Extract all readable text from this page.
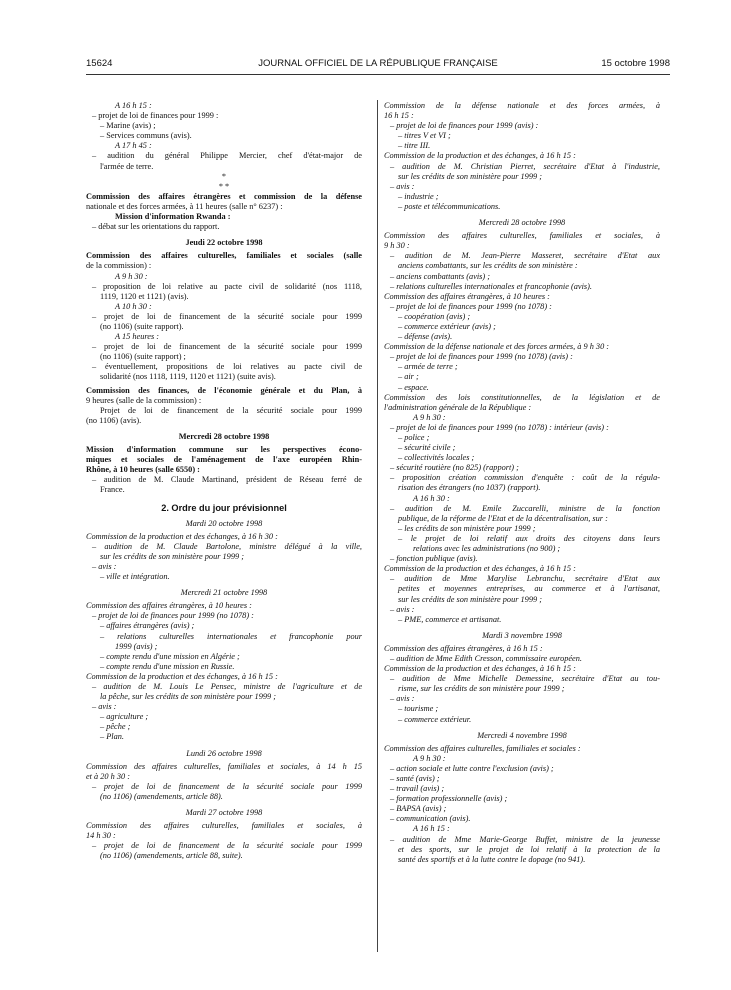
15624	JOURNAL OFFICIEL DE LA RÉPUBLIQUE FRANÇAISE	15 octobre 1998
A 16 h 15 :
– projet de loi de finances pour 1999 :
– Marine (avis) ;
– Services communs (avis).
A 17 h 45 :
– audition du général Philippe Mercier, chef d'état-major de
l'armée de terre.
*
* *
Commission des affaires étrangères et commission de la défense
nationale et des forces armées, à 11 heures (salle n° 6237) :
Mission d'information Rwanda :
– débat sur les orientations du rapport.
Jeudi 22 octobre 1998
Commission des affaires culturelles, familiales et sociales (salle
de la commission) :
A 9 h 30 :
– proposition de loi relative au pacte civil de solidarité (nos 1118,
1119, 1120 et 1121) (avis).
A 10 h 30 :
– projet de loi de financement de la sécurité sociale pour 1999
(no 1106) (suite rapport).
A 15 heures :
– projet de loi de financement de la sécurité sociale pour 1999
(no 1106) (suite rapport) ;
– éventuellement, propositions de loi relatives au pacte civil de
solidarité (nos 1118, 1119, 1120 et 1121) (suite avis).
Commission des finances, de l'économie générale et du Plan, à
9 heures (salle de la commission) :
Projet de loi de financement de la sécurité sociale pour 1999
(no 1106) (avis).
Mercredi 28 octobre 1998
Mission d'information commune sur les perspectives écono-
miques et sociales de l'aménagement de l'axe européen Rhin-
Rhône, à 10 heures (salle 6550) :
– audition de M. Claude Martinand, président de Réseau ferré de
France.
2. Ordre du jour prévisionnel
Mardi 20 octobre 1998
Commission de la production et des échanges, à 16 h 30 :
– audition de M. Claude Bartolone, ministre délégué à la ville,
sur les crédits de son ministère pour 1999 ;
– avis :
– ville et intégration.
Mercredi 21 octobre 1998
Commission des affaires étrangères, à 10 heures :
– projet de loi de finances pour 1999 (no 1078) :
– affaires étrangères (avis) ;
– relations culturelles internationales et francophonie pour
1999 (avis) ;
– compte rendu d'une mission en Algérie ;
– compte rendu d'une mission en Russie.
Commission de la production et des échanges, à 16 h 15 :
– audition de M. Louis Le Pensec, ministre de l'agriculture et de
la pêche, sur les crédits de son ministère pour 1999 ;
– avis :
– agriculture ;
– pêche ;
– Plan.
Lundi 26 octobre 1998
Commission des affaires culturelles, familiales et sociales, à 14 h 15
et à 20 h 30 :
– projet de loi de financement de la sécurité sociale pour 1999
(no 1106) (amendements, article 88).
Mardi 27 octobre 1998
Commission des affaires culturelles, familiales et sociales, à
14 h 30 :
– projet de loi de financement de la sécurité sociale pour 1999
(no 1106) (amendements, article 88, suite).
Commission de la défense nationale et des forces armées, à
16 h 15 :
– projet de loi de finances pour 1999 (avis) :
– titres V et VI ;
– titre III.
Commission de la production et des échanges, à 16 h 15 :
– audition de M. Christian Pierret, secrétaire d'Etat à l'industrie,
sur les crédits de son ministère pour 1999 ;
– avis :
– industrie ;
– poste et télécommunications.
Mercredi 28 octobre 1998
Commission des affaires culturelles, familiales et sociales, à
9 h 30 :
– audition de M. Jean-Pierre Masseret, secrétaire d'Etat aux
anciens combattants, sur les crédits de son ministère :
– anciens combattants (avis) ;
– relations culturelles internationales et francophonie (avis).
Commission des affaires étrangères, à 10 heures :
– projet de loi de finances pour 1999 (no 1078) :
– coopération (avis) ;
– commerce extérieur (avis) ;
– défense (avis).
Commission de la défense nationale et des forces armées, à 9 h 30 :
– projet de loi de finances pour 1999 (no 1078) (avis) :
– armée de terre ;
– air ;
– espace.
Commission des lois constitutionnelles, de la législation et de
l'administration générale de la République :
A 9 h 30 :
– projet de loi de finances pour 1999 (no 1078) : intérieur (avis) :
– police ;
– sécurité civile ;
– collectivités locales ;
– sécurité routière (no 825) (rapport) ;
– proposition création commission d'enquête : coût de la régula-
risation des étrangers (no 1037) (rapport).
A 16 h 30 :
– audition de M. Emile Zuccarelli, ministre de la fonction
publique, de la réforme de l'Etat et de la décentralisation, sur :
– les crédits de son ministère pour 1999 ;
– le projet de loi relatif aux droits des citoyens dans leurs
relations avec les administrations (no 900) ;
– fonction publique (avis).
Commission de la production et des échanges, à 16 h 15 :
– audition de Mme Marylise Lebranchu, secrétaire d'Etat aux
petites et moyennes entreprises, au commerce et à l'artisanat,
sur les crédits de son ministère pour 1999 ;
– avis :
– PME, commerce et artisanat.
Mardi 3 novembre 1998
Commission des affaires étrangères, à 16 h 15 :
– audition de Mme Edith Cresson, commissaire européen.
Commission de la production et des échanges, à 16 h 15 :
– audition de Mme Michelle Demessine, secrétaire d'Etat au tou-
risme, sur les crédits de son ministère pour 1999 ;
– avis :
– tourisme ;
– commerce extérieur.
Mercredi 4 novembre 1998
Commission des affaires culturelles, familiales et sociales :
A 9 h 30 :
– action sociale et lutte contre l'exclusion (avis) ;
– santé (avis) ;
– travail (avis) ;
– formation professionnelle (avis) ;
– BAPSA (avis) ;
– communication (avis).
A 16 h 15 :
– audition de Mme Marie-George Buffet, ministre de la jeunesse
et des sports, sur le projet de loi relatif à la protection de la
santé des sportifs et à la lutte contre le dopage (no 941).
